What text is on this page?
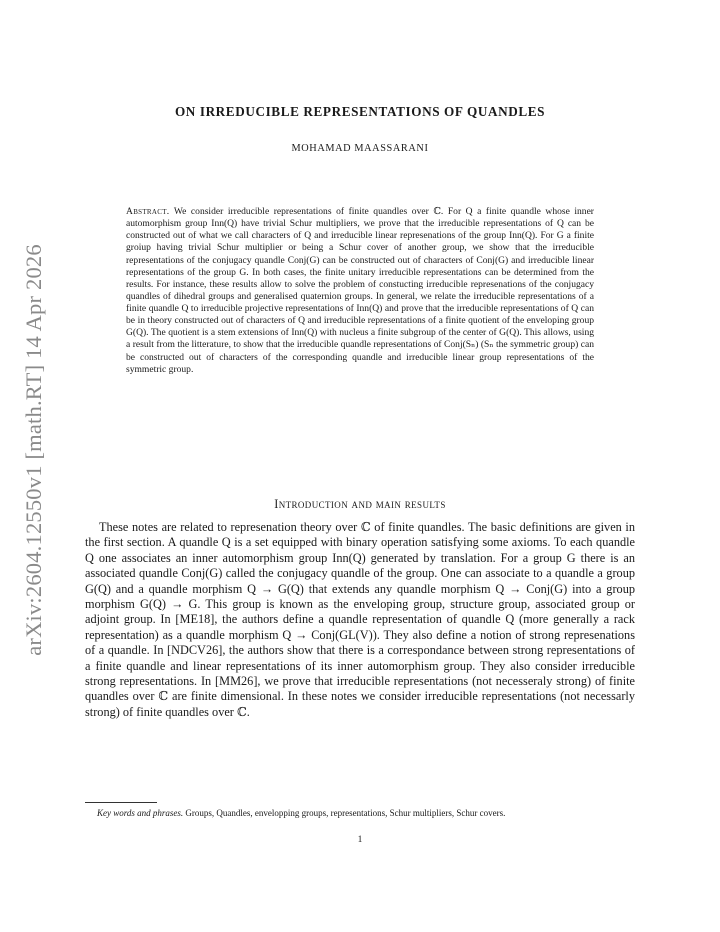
arXiv:2604.12550v1 [math.RT] 14 Apr 2026
ON IRREDUCIBLE REPRESENTATIONS OF QUANDLES
MOHAMAD MAASSARANI
Abstract. We consider irreducible representations of finite quandles over ℂ. For Q a finite quandle whose inner automorphism group Inn(Q) have trivial Schur multipliers, we prove that the irreducible representations of Q can be constructed out of what we call characters of Q and irreducible linear represenations of the group Inn(Q). For G a finite groiup having trivial Schur multiplier or being a Schur cover of another group, we show that the irreducible representations of the conjugacy quandle Conj(G) can be constructed out of characters of Conj(G) and irreducible linear representations of the group G. In both cases, the finite unitary irreducible representations can be determined from the results. For instance, these results allow to solve the problem of constucting irreducible represenations of the conjugacy quandles of dihedral groups and generalised quaternion groups. In general, we relate the irreducible representations of a finite quandle Q to irreducible projective representations of Inn(Q) and prove that the irreducible representations of Q can be in theory constructed out of characters of Q and irreducible representations of a finite quotient of the enveloping group G(Q). The quotient is a stem extensions of Inn(Q) with nucleus a finite subgroup of the center of G(Q). This allows, using a result from the litterature, to show that the irreducible quandle representations of Conj(Sₙ) (Sₙ the symmetric group) can be constructed out of characters of the corresponding quandle and irreducible linear group representations of the symmetric group.
Introduction and main results
These notes are related to represenation theory over ℂ of finite quandles. The basic definitions are given in the first section. A quandle Q is a set equipped with binary operation satisfying some axioms. To each quandle Q one associates an inner automorphism group Inn(Q) generated by translation. For a group G there is an associated quandle Conj(G) called the conjugacy quandle of the group. One can associate to a quandle a group G(Q) and a quandle morphism Q → G(Q) that extends any quandle morphism Q → Conj(G) into a group morphism G(Q) → G. This group is known as the enveloping group, structure group, associated group or adjoint group. In [ME18], the authors define a quandle representation of quandle Q (more generally a rack representation) as a quandle morphism Q → Conj(GL(V)). They also define a notion of strong represenations of a quandle. In [NDCV26], the authors show that there is a correspondance between strong representations of a finite quandle and linear representations of its inner automorphism group. They also consider irreducible strong representations. In [MM26], we prove that irreducible representations (not necesseraly strong) of finite quandles over ℂ are finite dimensional. In these notes we consider irreducible representations (not necessarly strong) of finite quandles over ℂ.
Key words and phrases. Groups, Quandles, envelopping groups, representations, Schur multipliers, Schur covers.
1
